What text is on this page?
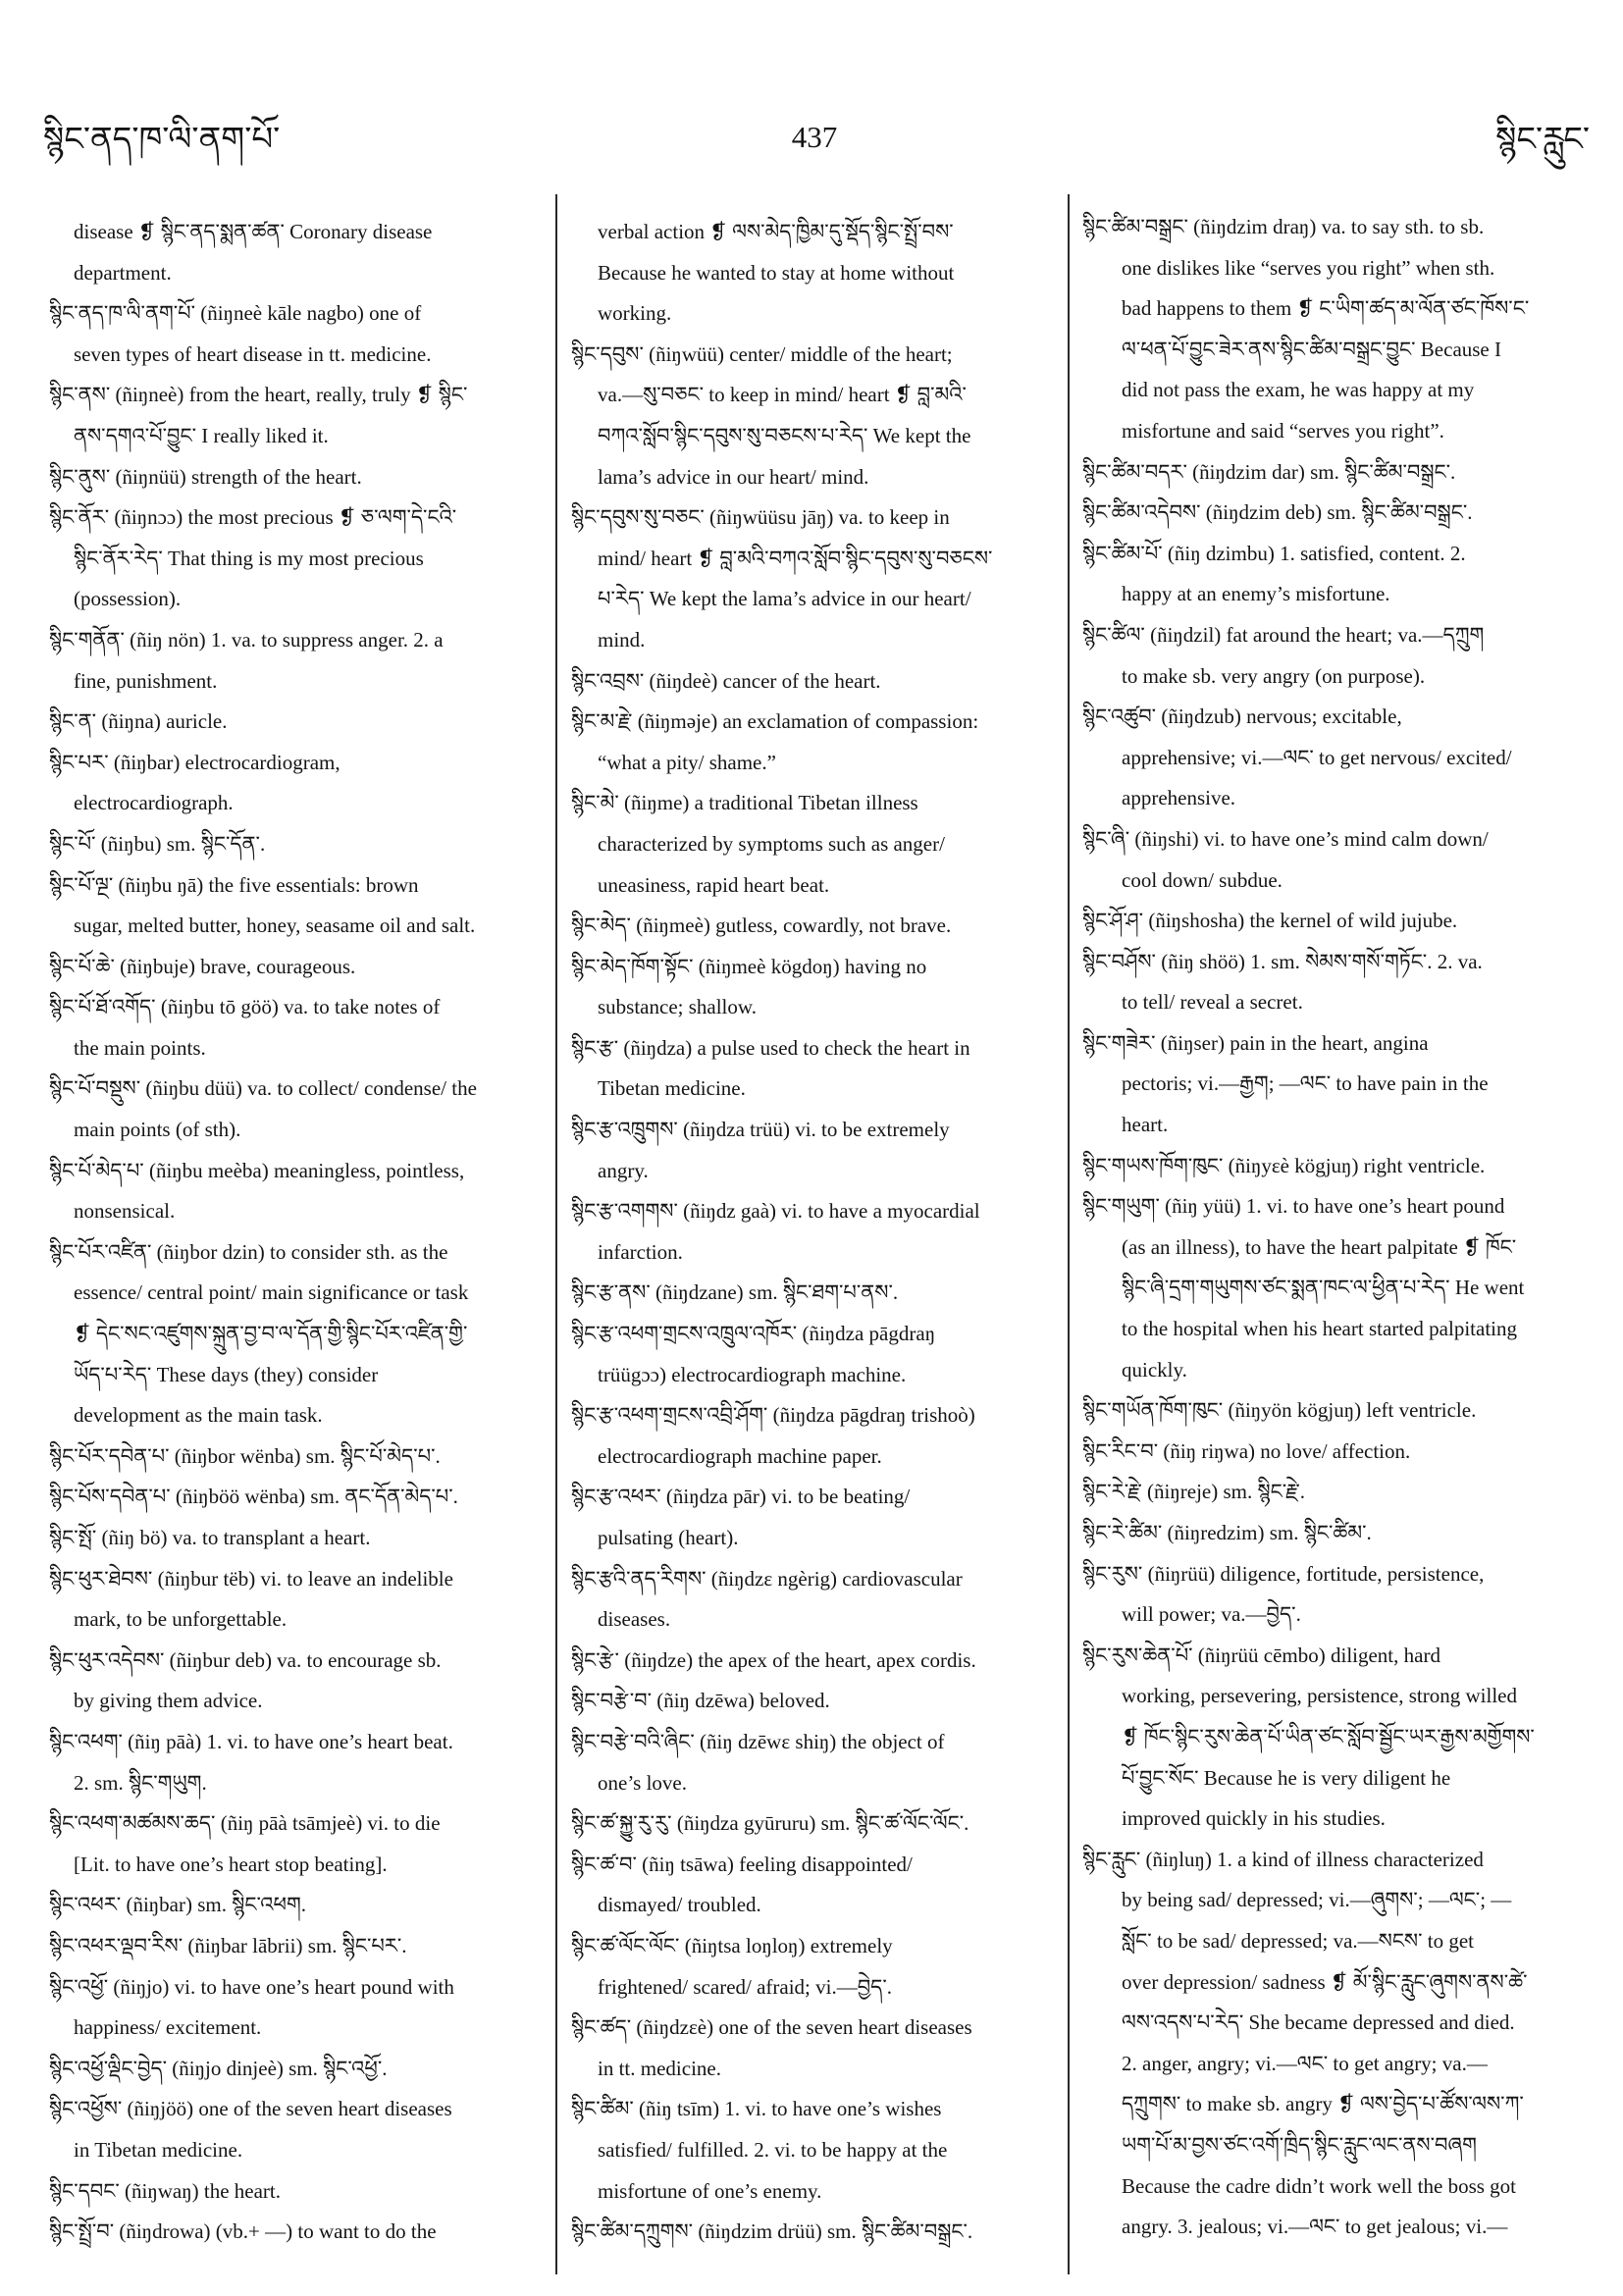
སྙིང་ནད་ཁ་ལི་ནག་པོ་	437	སྙིང་རླུང་
disease ❡ སྙིང་ནད་སྨན་ཚན་ Coronary disease
department.
སྙིང་ནད་ཁ་ལི་ནག་པོ་ (ñiŋneè kāle nagbo) one of
seven types of heart disease in tt. medicine.
སྙིང་ནས་ (ñiŋneè) from the heart, really, truly ❡ སྙིང་
ནས་དགའ་པོ་བྱུང་ I really liked it.
སྙིང་ནུས་ (ñiŋnüü) strength of the heart.
སྙིང་ནོར་ (ñiŋnɔɔ) the most precious ❡ ཅ་ལག་དེ་ངའི་
སྙིང་ནོར་རེད་ That thing is my most precious
(possession).
སྙིང་གནོན་ (ñiŋ nön) 1. va. to suppress anger. 2. a
fine, punishment.
སྙིང་ན་ (ñiŋna) auricle.
སྙིང་པར་ (ñiŋbar) electrocardiogram,
electrocardiograph.
སྙིང་པོ་ (ñiŋbu) sm. སྙིང་དོན་.
སྙིང་པོ་ལྔ་ (ñiŋbu ŋā) the five essentials: brown
sugar, melted butter, honey, seasame oil and salt.
སྙིང་པོ་ཆེ་ (ñiŋbuje) brave, courageous.
སྙིང་པོ་ཐོ་འགོད་ (ñiŋbu tō göö) va. to take notes of
the main points.
སྙིང་པོ་བསྡུས་ (ñiŋbu düü) va. to collect/ condense/ the
main points (of sth).
སྙིང་པོ་མེད་པ་ (ñiŋbu meèba) meaningless, pointless,
nonsensical.
སྙིང་པོར་འཛིན་ (ñiŋbor dzin) to consider sth. as the
essence/ central point/ main significance or task
❡ དེང་སང་འཛུགས་སྐྲུན་བྱ་བ་ལ་དོན་གྱི་སྙིང་པོར་འཛིན་གྱི་
ཡོད་པ་རེད་ These days (they) consider
development as the main task.
སྙིང་པོར་དབེན་པ་ (ñiŋbor wënba) sm. སྙིང་པོ་མེད་པ་.
སྙིང་པོས་དབེན་པ་ (ñiŋböö wënba) sm. ནང་དོན་མེད་པ་.
སྙིང་སྤོ་ (ñiŋ bö) va. to transplant a heart.
སྙིང་ཕུར་ཐེབས་ (ñiŋbur tëb) vi. to leave an indelible
mark, to be unforgettable.
སྙིང་ཕུར་འདེབས་ (ñiŋbur deb) va. to encourage sb.
by giving them advice.
སྙིང་འཕག་ (ñiŋ pāà) 1. vi. to have one’s heart beat.
2. sm. སྙིང་གཡུག.
སྙིང་འཕག་མཚམས་ཆད་ (ñiŋ pāà tsāmjeè) vi. to die
[Lit. to have one’s heart stop beating].
སྙིང་འཕར་ (ñiŋbar) sm. སྙིང་འཕག.
སྙིང་འཕར་ལྡབ་རིས་ (ñiŋbar lābrii) sm. སྙིང་པར་.
སྙིང་འཕྱོ་ (ñiŋjo) vi. to have one’s heart pound with
happiness/ excitement.
སྙིང་འཕྱོ་ལྡིང་བྱེད་ (ñiŋjo dinjeè) sm. སྙིང་འཕྱོ་.
སྙིང་འཕྱོས་ (ñiŋjöö) one of the seven heart diseases
in Tibetan medicine.
སྙིང་དབང་ (ñiŋwaŋ) the heart.
སྙིང་སྤྲོ་བ་ (ñiŋdrowa) (vb.+ —) to want to do the
verbal action ❡ ལས་མེད་ཁྱིམ་དུ་སྡོད་སྙིང་སྤྲོ་བས་
Because he wanted to stay at home without
working.
སྙིང་དབུས་ (ñiŋwüü) center/ middle of the heart;
va.—སུ་བཅང་ to keep in mind/ heart ❡ བླ་མའི་
བཀའ་སློབ་སྙིང་དབུས་སུ་བཅངས་པ་རེད་ We kept the
lama’s advice in our heart/ mind.
སྙིང་དབུས་སུ་བཅང་ (ñiŋwüüsu jāŋ) va. to keep in
mind/ heart ❡ བླ་མའི་བཀའ་སློབ་སྙིང་དབུས་སུ་བཅངས་
པ་རེད་ We kept the lama’s advice in our heart/
mind.
སྙིང་འབྲས་ (ñiŋdeè) cancer of the heart.
སྙིང་མ་རྗེ་ (ñiŋməje) an exclamation of compassion:
“what a pity/ shame.”
སྙིང་མེ་ (ñiŋme) a traditional Tibetan illness
characterized by symptoms such as anger/
uneasiness, rapid heart beat.
སྙིང་མེད་ (ñiŋmeè) gutless, cowardly, not brave.
སྙིང་མེད་ཁོག་སྟོང་ (ñiŋmeè kögdoŋ) having no
substance; shallow.
སྙིང་རྩ་ (ñiŋdza) a pulse used to check the heart in
Tibetan medicine.
སྙིང་རྩ་འཁྲུགས་ (ñiŋdza trüü) vi. to be extremely
angry.
སྙིང་རྩ་འགགས་ (ñiŋdz gaà) vi. to have a myocardial
infarction.
སྙིང་རྩ་ནས་ (ñiŋdzane) sm. སྙིང་ཐག་པ་ནས་.
སྙིང་རྩ་འཕག་གྲངས་འཁྲུལ་འཁོར་ (ñiŋdza pāgdraŋ
trüügɔɔ) electrocardiograph machine.
སྙིང་རྩ་འཕག་གྲངས་འབྲི་ཤོག་ (ñiŋdza pāgdraŋ trishoò)
electrocardiograph machine paper.
སྙིང་རྩ་འཕར་ (ñiŋdza pār) vi. to be beating/
pulsating (heart).
སྙིང་རྩའི་ནད་རིགས་ (ñiŋdzε ngèrig) cardiovascular
diseases.
སྙིང་རྩེ་ (ñiŋdze) the apex of the heart, apex cordis.
སྙིང་བརྩེ་བ་ (ñiŋ dzēwa) beloved.
སྙིང་བརྩེ་བའི་ཞིང་ (ñiŋ dzēwε shiŋ) the object of
one’s love.
སྙིང་ཚ་སྐྱུ་རུ་རུ་ (ñiŋdza gyūruru) sm. སྙིང་ཚ་ལོང་ལོང་.
སྙིང་ཚ་བ་ (ñiŋ tsāwa) feeling disappointed/
dismayed/ troubled.
སྙིང་ཚ་ལོང་ལོང་ (ñiŋtsa loŋloŋ) extremely
frightened/ scared/ afraid; vi.—བྱེད་.
སྙིང་ཚད་ (ñiŋdzεè) one of the seven heart diseases
in tt. medicine.
སྙིང་ཚིམ་ (ñiŋ tsīm) 1. vi. to have one’s wishes
satisfied/ fulfilled. 2. vi. to be happy at the
misfortune of one’s enemy.
སྙིང་ཚིམ་དཀྲུགས་ (ñiŋdzim drüü) sm. སྙིང་ཚིམ་བསྒྲང་.
སྙིང་ཚིམ་བསྒྲང་ (ñiŋdzim draŋ) va. to say sth. to sb.
one dislikes like “serves you right” when sth.
bad happens to them ❡ ང་ཡིག་ཚད་མ་ལོན་ཙང་ཁོས་ང་
ལ་ཕན་པོ་བྱུང་ཟེར་ནས་སྙིང་ཚིམ་བསྒྲང་བྱུང་ Because I
did not pass the exam, he was happy at my
misfortune and said “serves you right”.
སྙིང་ཚིམ་བདར་ (ñiŋdzim dar) sm. སྙིང་ཚིམ་བསྒྲང་.
སྙིང་ཚིམ་འདེབས་ (ñiŋdzim deb) sm. སྙིང་ཚིམ་བསྒྲང་.
སྙིང་ཚིམ་པོ་ (ñiŋ dzimbu) 1. satisfied, content. 2.
happy at an enemy’s misfortune.
སྙིང་ཚིལ་ (ñiŋdzil) fat around the heart; va.—དཀྲུག
to make sb. very angry (on purpose).
སྙིང་འཚུབ་ (ñiŋdzub) nervous; excitable,
apprehensive; vi.—ལང་ to get nervous/ excited/
apprehensive.
སྙིང་ཞི་ (ñiŋshi) vi. to have one’s mind calm down/
cool down/ subdue.
སྙིང་ཤོ་ཤ་ (ñiŋshosha) the kernel of wild jujube.
སྙིང་བཤོས་ (ñiŋ shöö) 1. sm. སེམས་གསོ་གཏོང་. 2. va.
to tell/ reveal a secret.
སྙིང་གཟེར་ (ñiŋser) pain in the heart, angina
pectoris; vi.—རྒྱག; —ལང་ to have pain in the
heart.
སྙིང་གཡས་ཁོག་ཁུང་ (ñiŋyεè kögjuŋ) right ventricle.
སྙིང་གཡུག་ (ñiŋ yüü) 1. vi. to have one’s heart pound
(as an illness), to have the heart palpitate ❡ ཁོང་
སྙིང་ཞི་དྲག་གཡུགས་ཙང་སྨན་ཁང་ལ་ཕྱིན་པ་རེད་ He went
to the hospital when his heart started palpitating
quickly.
སྙིང་གཡོན་ཁོག་ཁུང་ (ñiŋyön kögjuŋ) left ventricle.
སྙིང་རིང་བ་ (ñiŋ riŋwa) no love/ affection.
སྙིང་རེ་རྗེ་ (ñiŋreje) sm. སྙིང་རྗེ་.
སྙིང་རེ་ཚིམ་ (ñiŋredzim) sm. སྙིང་ཚིམ་.
སྙིང་རུས་ (ñiŋrüü) diligence, fortitude, persistence,
will power; va.—བྱེད་.
སྙིང་རུས་ཆེན་པོ་ (ñiŋrüü cēmbo) diligent, hard
working, persevering, persistence, strong willed
❡ ཁོང་སྙིང་རུས་ཆེན་པོ་ཡིན་ཙང་སློབ་སྦྱོང་ཡར་རྒྱས་མགྱོགས་
པོ་བྱུང་སོང་ Because he is very diligent he
improved quickly in his studies.
སྙིང་རླུང་ (ñiŋluŋ) 1. a kind of illness characterized
by being sad/ depressed; vi.—ཞུགས་; —ལང་; —
སློང་ to be sad/ depressed; va.—སངས་ to get
over depression/ sadness ❡ མོ་སྙིང་རླུང་ཞུགས་ནས་ཚེ་
ལས་འདས་པ་རེད་ She became depressed and died.
2. anger, angry; vi.—ལང་ to get angry; va.—
དཀྲུགས་ to make sb. angry ❡ ལས་བྱེད་པ་ཚོས་ལས་ཀ་
ཡག་པོ་མ་བྱས་ཙང་འགོ་ཁྲིད་སྙིང་རླུང་ལང་ནས་བཞག
Because the cadre didn’t work well the boss got
angry. 3. jealous; vi.—ལང་ to get jealous; vi.—
